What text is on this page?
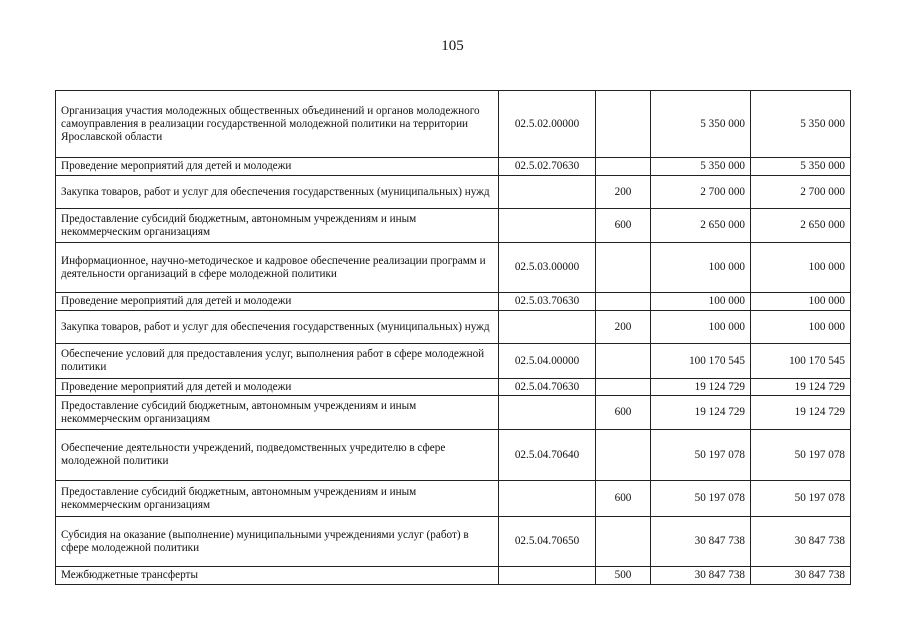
105
Организация участия молодежных общественных объединений и органов молодежного самоуправления в реализации государственной молодежной политики на территории Ярославской области	02.5.02.00000		5 350 000	5 350 000
Проведение мероприятий для детей и молодежи	02.5.02.70630		5 350 000	5 350 000
Закупка товаров, работ и услуг для обеспечения государственных (муниципальных) нужд		200	2 700 000	2 700 000
Предоставление субсидий бюджетным, автономным учреждениям и иным некоммерческим организациям		600	2 650 000	2 650 000
Информационное, научно-методическое и кадровое обеспечение реализации программ и деятельности организаций в сфере молодежной политики	02.5.03.00000		100 000	100 000
Проведение мероприятий для детей и молодежи	02.5.03.70630		100 000	100 000
Закупка товаров, работ и услуг для обеспечения государственных (муниципальных) нужд		200	100 000	100 000
Обеспечение условий для предоставления услуг, выполнения работ в сфере молодежной политики	02.5.04.00000		100 170 545	100 170 545
Проведение мероприятий для детей и молодежи	02.5.04.70630		19 124 729	19 124 729
Предоставление субсидий бюджетным, автономным учреждениям и иным некоммерческим организациям		600	19 124 729	19 124 729
Обеспечение деятельности учреждений, подведомственных учредителю в сфере молодежной политики	02.5.04.70640		50 197 078	50 197 078
Предоставление субсидий бюджетным, автономным учреждениям и иным некоммерческим организациям		600	50 197 078	50 197 078
Субсидия на оказание (выполнение) муниципальными учреждениями услуг (работ) в сфере молодежной политики	02.5.04.70650		30 847 738	30 847 738
Межбюджетные трансферты		500	30 847 738	30 847 738
